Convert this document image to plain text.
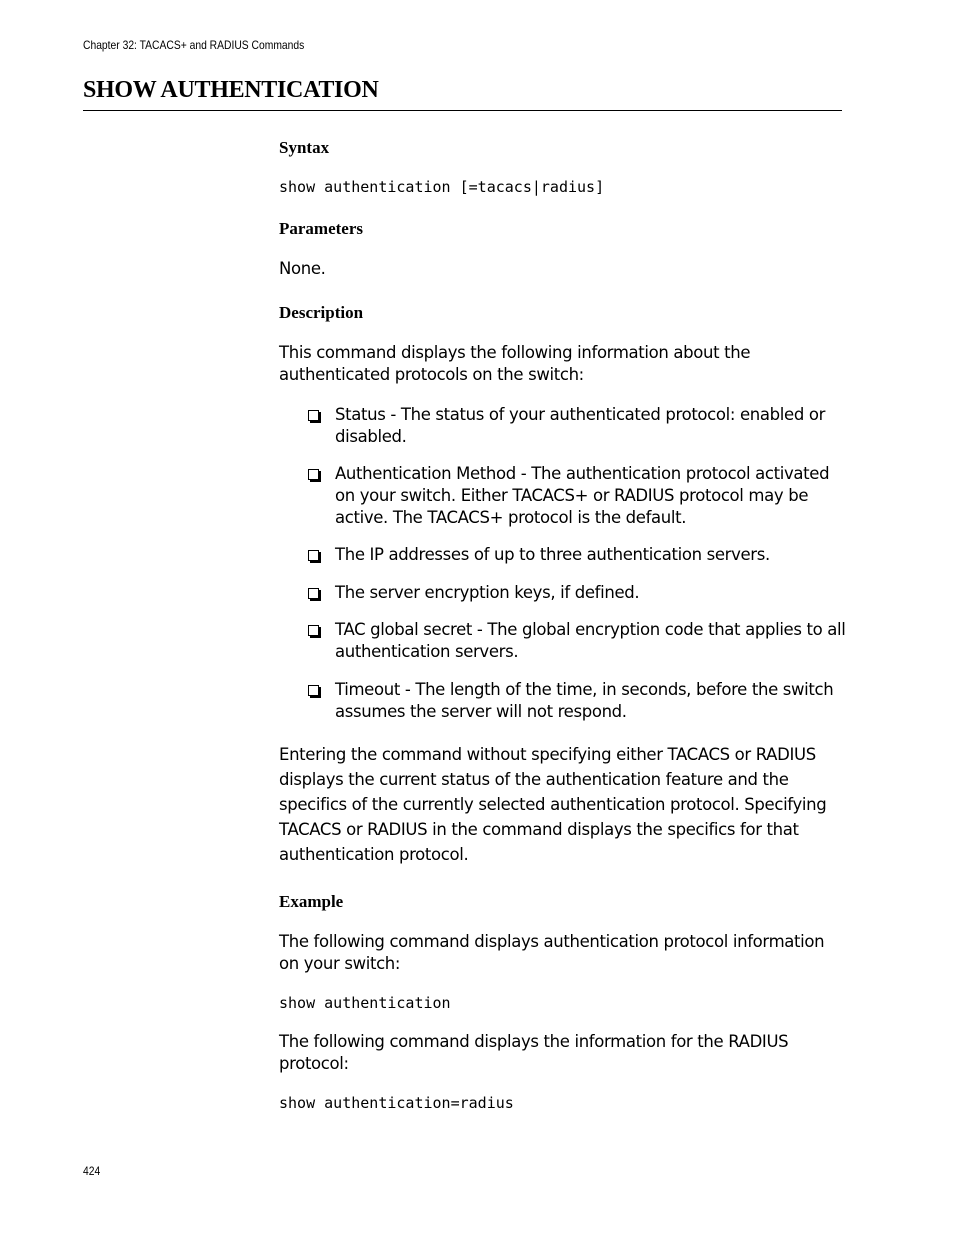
Chapter 32: TACACS+ and RADIUS Commands
SHOW AUTHENTICATION
Syntax
show authentication [=tacacs|radius]
Parameters

None.

Description

This command displays the following information about the authenticated protocols on the switch:

Status - The status of your authenticated protocol: enabled or disabled.
Authentication Method - The authentication protocol activated on your switch. Either TACACS+ or RADIUS protocol may be active. The TACACS+ protocol is the default.
The IP addresses of up to three authentication servers.
The server encryption keys, if defined.
TAC global secret - The global encryption code that applies to all authentication servers.
Timeout - The length of the time, in seconds, before the switch assumes the server will not respond.

Entering the command without specifying either TACACS or RADIUS displays the current status of the authentication feature and the specifics of the currently selected authentication protocol. Specifying TACACS or RADIUS in the command displays the specifics for that authentication protocol.

Example

The following command displays authentication protocol information on your switch:

show authentication

The following command displays the information for the RADIUS protocol:

show authentication=radius
424
